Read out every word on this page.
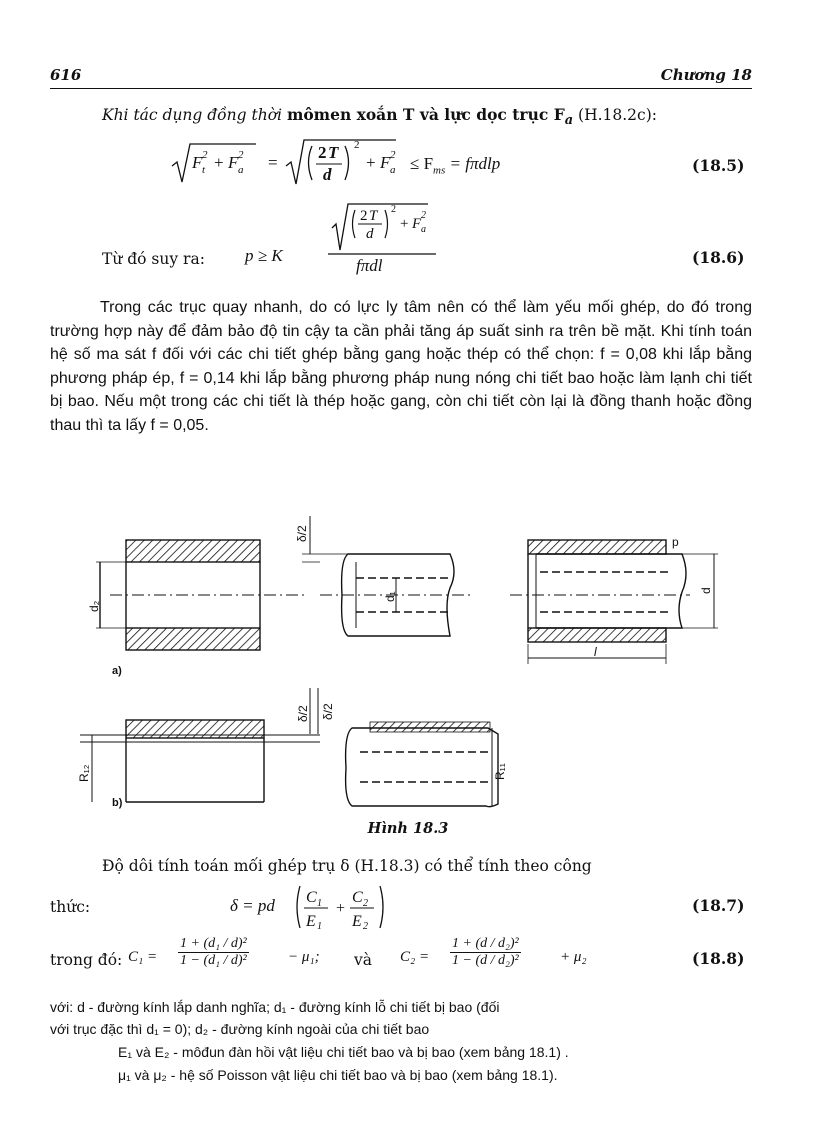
616	Chương 18
Khi tác dụng đồng thời mômen xoắn T và lực dọc trục $F_a$ (H.18.2c):
F t
2 + F a
2 =
2 T
d
2
+ F a
$2 \le F_{ms} = f\pi dlp$	(18.5)
Từ đó suy ra: p ≥ K
2 T
d
2
+ F a
2
fπdl	(18.6)
Trong các trục quay nhanh, do có lực ly tâm nên có thể làm yếu mối ghép, do đó trong trường hợp này để đảm bảo độ tin cậy ta cần phải tăng áp suất sinh ra trên bề mặt. Khi tính toán hệ số ma sát f đối với các chi tiết ghép bằng gang hoặc thép có thể chọn: f = 0,08 khi lắp bằng phương pháp ép, f = 0,14 khi lắp bằng phương pháp nung nóng chi tiết bao hoặc làm lạnh chi tiết bị bao. Nếu một trong các chi tiết là thép hoặc gang, còn chi tiết còn lại là đồng thanh hoặc đồng thau thì ta lấy f = 0,05.
d₂
δ/2
d₁
d
p
l
a)
R₁₂
δ/2 δ/2
R₁₁
b)
Hình 18.3
Độ dôi tính toán mối ghép trụ δ (H.18.3) có thể tính theo công
thức:	δ = pd C 1
E 1
+
C 2
E 2
(18.7)
trong đó: $C_1 = \frac{\text{1 + (d₁ / d)²}}{\text{1 − (d₁ / d)²}}$	− μ₁; và $C_2 = \frac{\text{1 + (d / d₂)²}}{\text{1 − (d / d₂)²}}$	+ μ₂	(18.8)
với: d - đường kính lắp danh nghĩa; d₁ - đường kính lỗ chi tiết bị bao (đối
với trục đặc thì d₁ = 0); d₂ - đường kính ngoài của chi tiết bao
E₁ và E₂ - môđun đàn hồi vật liệu chi tiết bao và bị bao (xem bảng 18.1) .
μ₁ và μ₂ - hệ số Poisson vật liệu chi tiết bao và bị bao (xem bảng 18.1).
